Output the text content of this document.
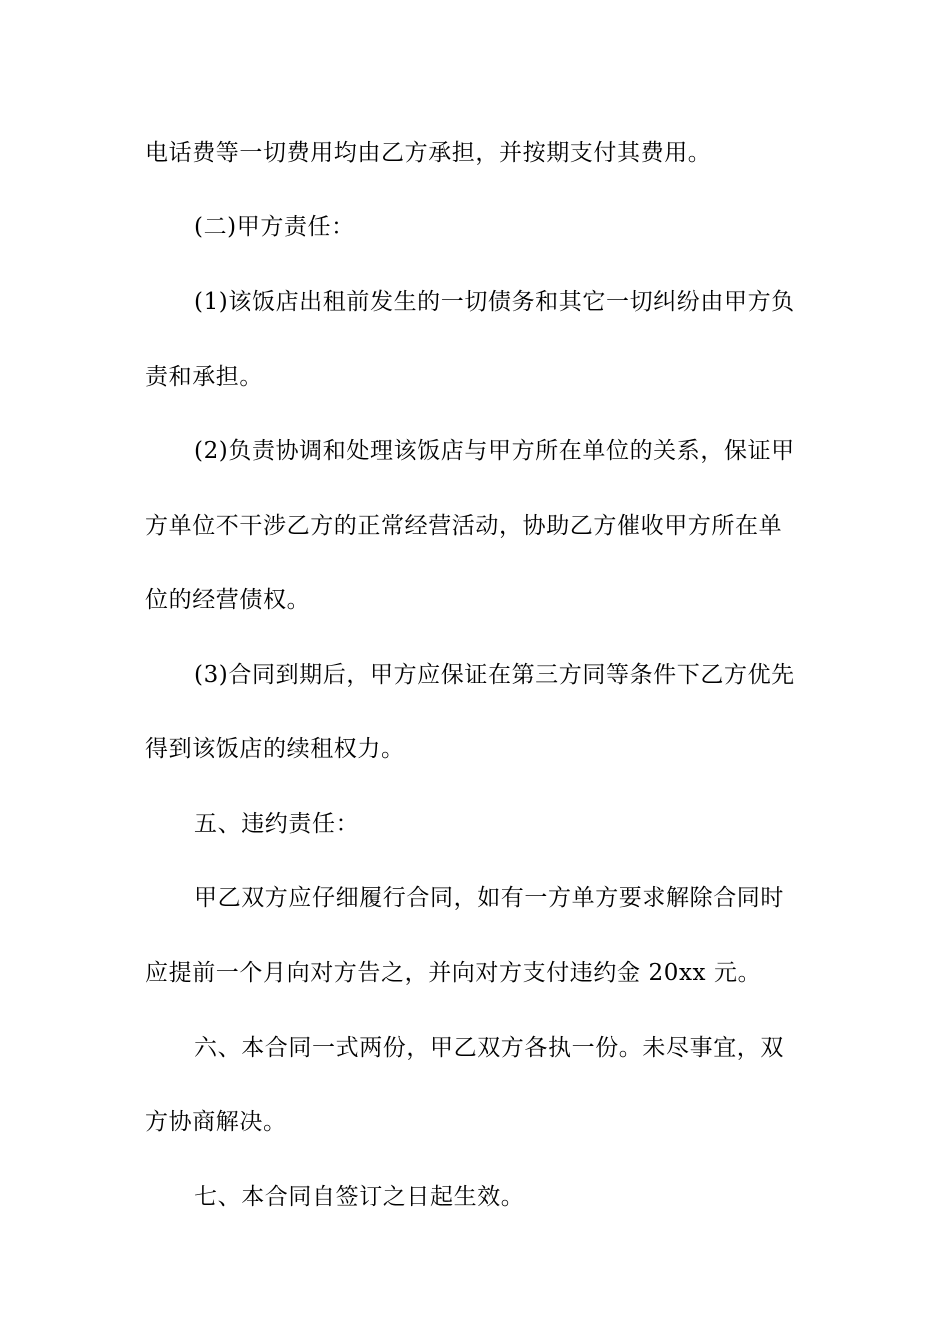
电话费等一切费用均由乙方承担，并按期支付其费用。
(二)甲方责任：
(1)该饭店出租前发生的一切债务和其它一切纠纷由甲方负
责和承担。
(2)负责协调和处理该饭店与甲方所在单位的关系，保证甲
方单位不干涉乙方的正常经营活动，协助乙方催收甲方所在单
位的经营债权。
(3)合同到期后，甲方应保证在第三方同等条件下乙方优先
得到该饭店的续租权力。
五、违约责任：
甲乙双方应仔细履行合同，如有一方单方要求解除合同时
应提前一个月向对方告之，并向对方支付违约金 20xx 元。
六、本合同一式两份，甲乙双方各执一份。未尽事宜，双
方协商解决。
七、本合同自签订之日起生效。
